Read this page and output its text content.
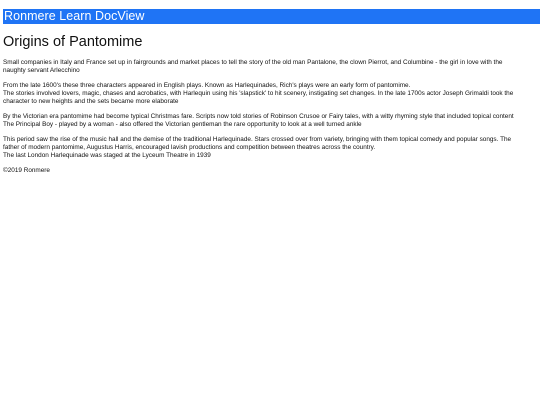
Ronmere Learn DocView
Origins of Pantomime

Small companies in Italy and France set up in fairgrounds and market places to tell the story of the old man Pantalone, the clown Pierrot, and Columbine - the girl in love with the

naughty servant Arlecchino

From the late 1600's these three characters appeared in English plays. Known as Harlequinades, Rich's plays were an early form of pantomime.

The stories involved lovers, magic, chases and acrobatics, with Harlequin using his 'slapstick' to hit scenery, instigating set changes. In the late 1700s actor Joseph Grimaldi took the

character to new heights and the sets became more elaborate

By the Victorian era pantomime had become typical Christmas fare. Scripts now told stories of Robinson Crusoe or Fairy tales, with a witty rhyming style that included topical content

The Principal Boy - played by a woman - also offered the Victorian gentleman the rare opportunity to look at a well turned ankle

This period saw the rise of the music hall and the demise of the traditional Harlequinade. Stars crossed over from variety, bringing with them topical comedy and popular songs. The

father of modern pantomime, Augustus Harris, encouraged lavish productions and competition between theatres across the country.

The last London Harlequinade was staged at the Lyceum Theatre in 1939

©2019 Ronmere
